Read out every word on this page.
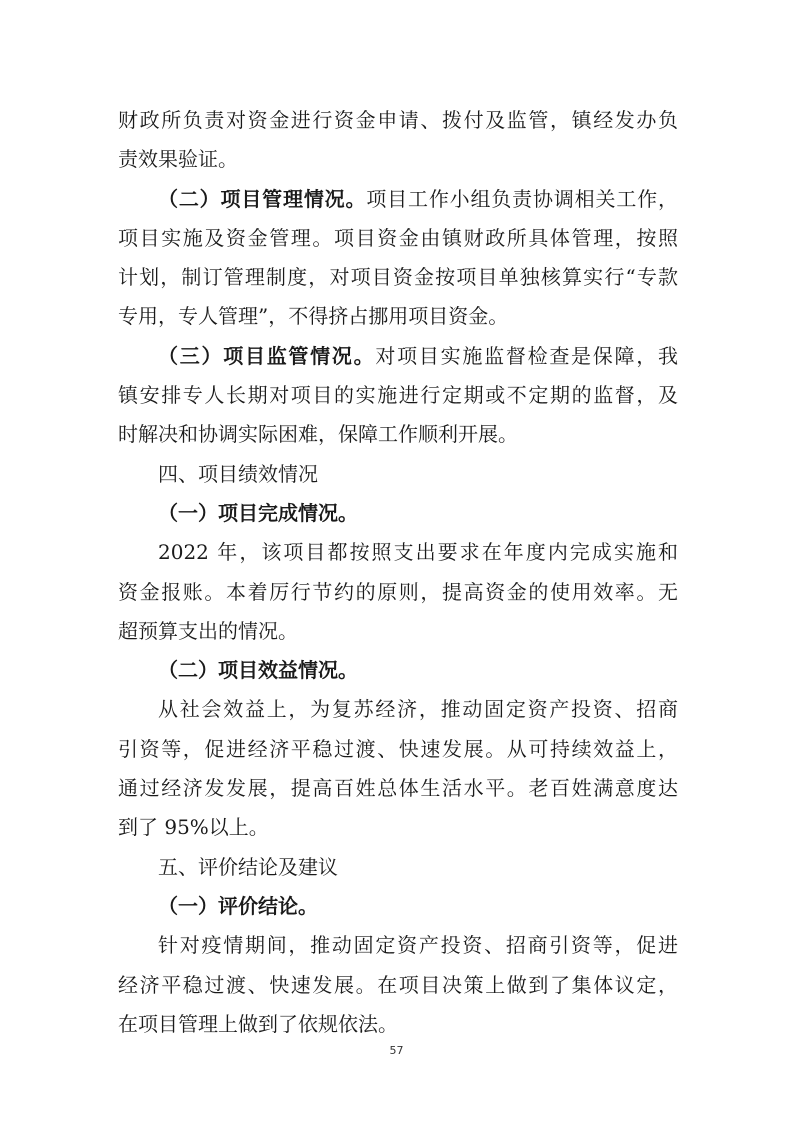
财政所负责对资金进行资金申请、拨付及监管，镇经发办负
责效果验证。
（二）项目管理情况。项目工作小组负责协调相关工作，
项目实施及资金管理。项目资金由镇财政所具体管理，按照
计划，制订管理制度，对项目资金按项目单独核算实行“专款
专用，专人管理”，不得挤占挪用项目资金。
（三）项目监管情况。对项目实施监督检查是保障，我
镇安排专人长期对项目的实施进行定期或不定期的监督，及
时解决和协调实际困难，保障工作顺利开展。
四、项目绩效情况
（一）项目完成情况。
2022 年，该项目都按照支出要求在年度内完成实施和
资金报账。本着厉行节约的原则，提高资金的使用效率。无
超预算支出的情况。
（二）项目效益情况。
从社会效益上，为复苏经济，推动固定资产投资、招商
引资等，促进经济平稳过渡、快速发展。从可持续效益上，
通过经济发发展，提高百姓总体生活水平。老百姓满意度达
到了 95%以上。
五、评价结论及建议
（一）评价结论。
针对疫情期间，推动固定资产投资、招商引资等，促进
经济平稳过渡、快速发展。在项目决策上做到了集体议定，
在项目管理上做到了依规依法。
57
